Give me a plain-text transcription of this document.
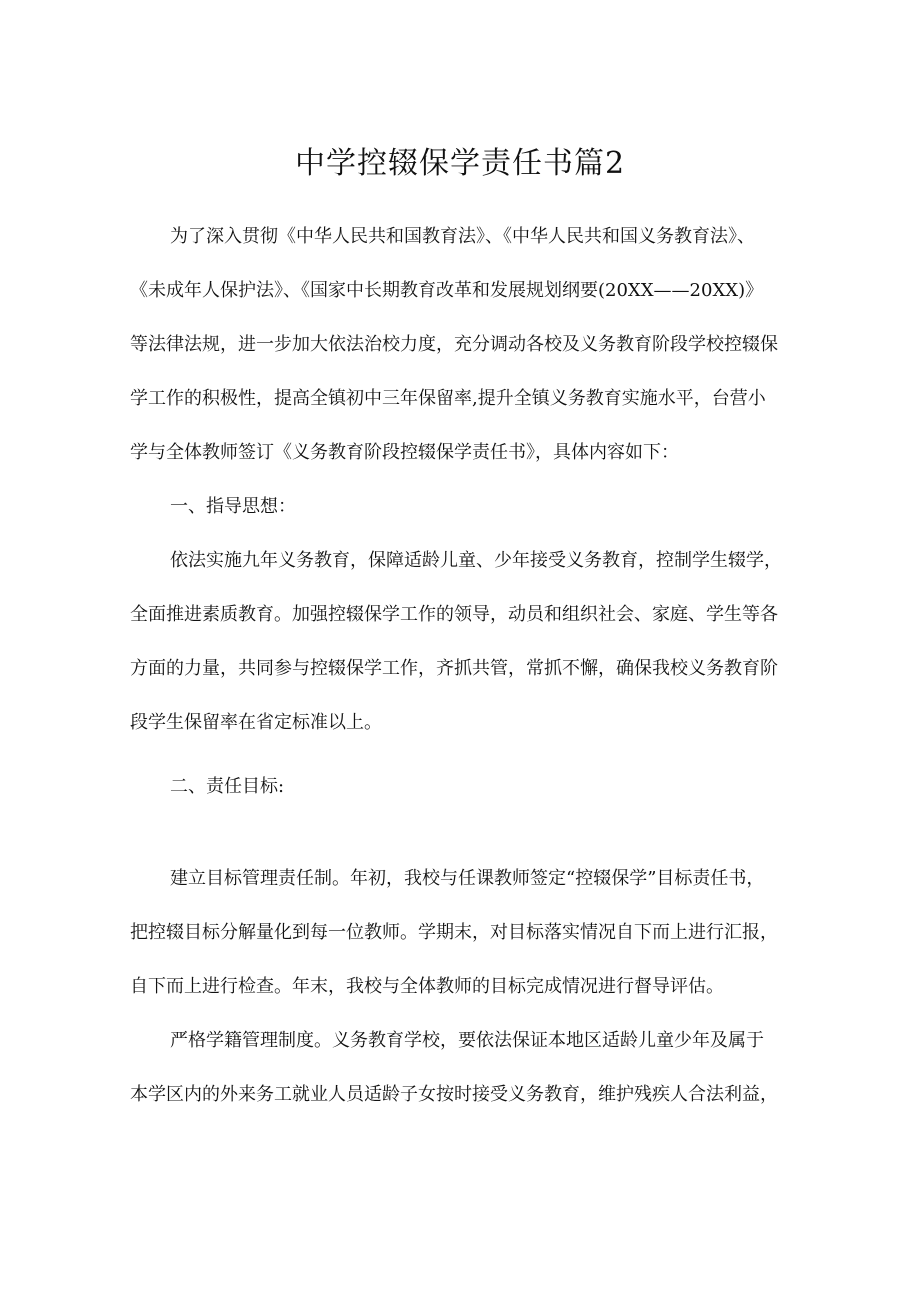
中学控辍保学责任书篇2
为了深入贯彻《中华人民共和国教育法》、《中华人民共和国义务教育法》、
《未成年人保护法》、《国家中长期教育改革和发展规划纲要(20XX——20XX)》
等法律法规，进一步加大依法治校力度，充分调动各校及义务教育阶段学校控辍保
学工作的积极性，提高全镇初中三年保留率,提升全镇义务教育实施水平，台营小
学与全体教师签订《义务教育阶段控辍保学责任书》，具体内容如下：
一、指导思想：
依法实施九年义务教育，保障适龄儿童、少年接受义务教育，控制学生辍学，
全面推进素质教育。加强控辍保学工作的领导，动员和组织社会、家庭、学生等各
方面的力量，共同参与控辍保学工作，齐抓共管，常抓不懈，确保我校义务教育阶
段学生保留率在省定标准以上。
二、责任目标:
建立目标管理责任制。年初，我校与任课教师签定“控辍保学”目标责任书，
把控辍目标分解量化到每一位教师。学期末，对目标落实情况自下而上进行汇报，
自下而上进行检查。年末，我校与全体教师的目标完成情况进行督导评估。
严格学籍管理制度。义务教育学校，要依法保证本地区适龄儿童少年及属于
本学区内的外来务工就业人员适龄子女按时接受义务教育，维护残疾人合法利益，
